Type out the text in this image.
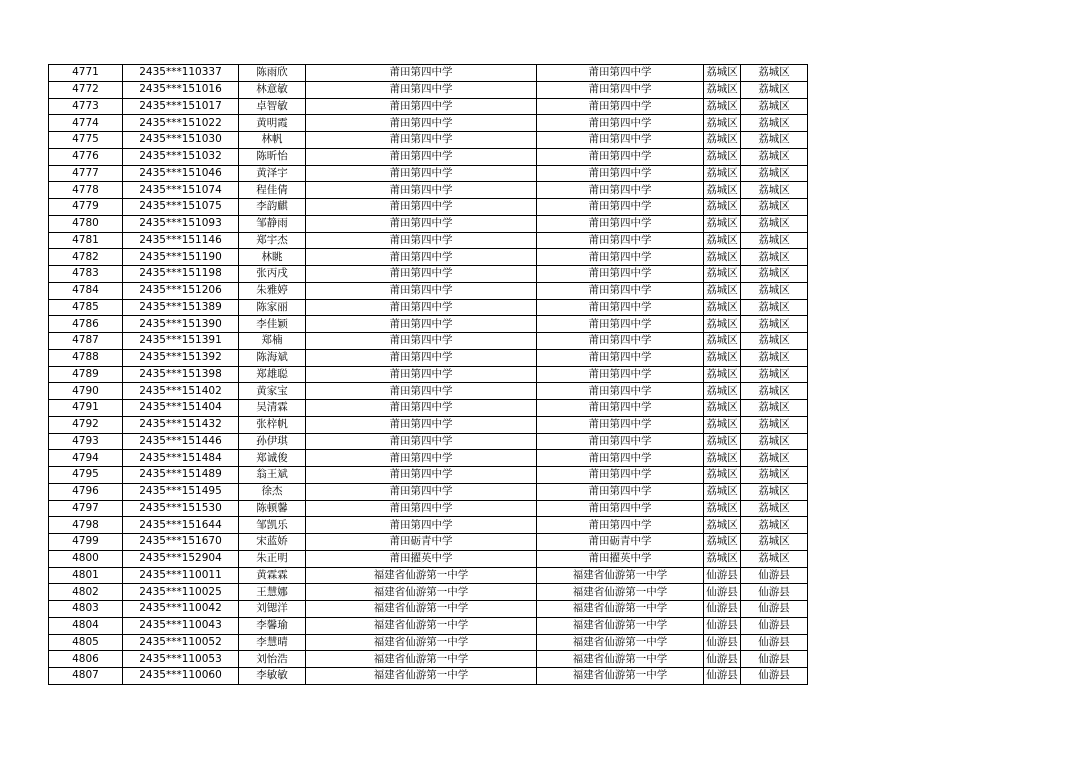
4771	2435***110337	陈雨欣	莆田第四中学	莆田第四中学	荔城区	荔城区
4772	2435***151016	林意敏	莆田第四中学	莆田第四中学	荔城区	荔城区
4773	2435***151017	卓智敏	莆田第四中学	莆田第四中学	荔城区	荔城区
4774	2435***151022	黄明霞	莆田第四中学	莆田第四中学	荔城区	荔城区
4775	2435***151030	林帆	莆田第四中学	莆田第四中学	荔城区	荔城区
4776	2435***151032	陈昕怡	莆田第四中学	莆田第四中学	荔城区	荔城区
4777	2435***151046	黄泽宇	莆田第四中学	莆田第四中学	荔城区	荔城区
4778	2435***151074	程佳倩	莆田第四中学	莆田第四中学	荔城区	荔城区
4779	2435***151075	李韵麒	莆田第四中学	莆田第四中学	荔城区	荔城区
4780	2435***151093	邹静雨	莆田第四中学	莆田第四中学	荔城区	荔城区
4781	2435***151146	郑宇杰	莆田第四中学	莆田第四中学	荔城区	荔城区
4782	2435***151190	林眺	莆田第四中学	莆田第四中学	荔城区	荔城区
4783	2435***151198	张丙戌	莆田第四中学	莆田第四中学	荔城区	荔城区
4784	2435***151206	朱雅婷	莆田第四中学	莆田第四中学	荔城区	荔城区
4785	2435***151389	陈家丽	莆田第四中学	莆田第四中学	荔城区	荔城区
4786	2435***151390	李佳颖	莆田第四中学	莆田第四中学	荔城区	荔城区
4787	2435***151391	郑楠	莆田第四中学	莆田第四中学	荔城区	荔城区
4788	2435***151392	陈海斌	莆田第四中学	莆田第四中学	荔城区	荔城区
4789	2435***151398	郑雄聪	莆田第四中学	莆田第四中学	荔城区	荔城区
4790	2435***151402	黄家宝	莆田第四中学	莆田第四中学	荔城区	荔城区
4791	2435***151404	吴清霖	莆田第四中学	莆田第四中学	荔城区	荔城区
4792	2435***151432	张梓帆	莆田第四中学	莆田第四中学	荔城区	荔城区
4793	2435***151446	孙伊琪	莆田第四中学	莆田第四中学	荔城区	荔城区
4794	2435***151484	郑诚俊	莆田第四中学	莆田第四中学	荔城区	荔城区
4795	2435***151489	翁王斌	莆田第四中学	莆田第四中学	荔城区	荔城区
4796	2435***151495	徐杰	莆田第四中学	莆田第四中学	荔城区	荔城区
4797	2435***151530	陈顿馨	莆田第四中学	莆田第四中学	荔城区	荔城区
4798	2435***151644	邹凯乐	莆田第四中学	莆田第四中学	荔城区	荔城区
4799	2435***151670	宋蓝娇	莆田砺青中学	莆田砺青中学	荔城区	荔城区
4800	2435***152904	朱正明	莆田擢英中学	莆田擢英中学	荔城区	荔城区
4801	2435***110011	黄霖霖	福建省仙游第一中学	福建省仙游第一中学	仙游县	仙游县
4802	2435***110025	王慧娜	福建省仙游第一中学	福建省仙游第一中学	仙游县	仙游县
4803	2435***110042	刘锶洋	福建省仙游第一中学	福建省仙游第一中学	仙游县	仙游县
4804	2435***110043	李馨瑜	福建省仙游第一中学	福建省仙游第一中学	仙游县	仙游县
4805	2435***110052	李慧晴	福建省仙游第一中学	福建省仙游第一中学	仙游县	仙游县
4806	2435***110053	刘怡浩	福建省仙游第一中学	福建省仙游第一中学	仙游县	仙游县
4807	2435***110060	李敏敏	福建省仙游第一中学	福建省仙游第一中学	仙游县	仙游县
